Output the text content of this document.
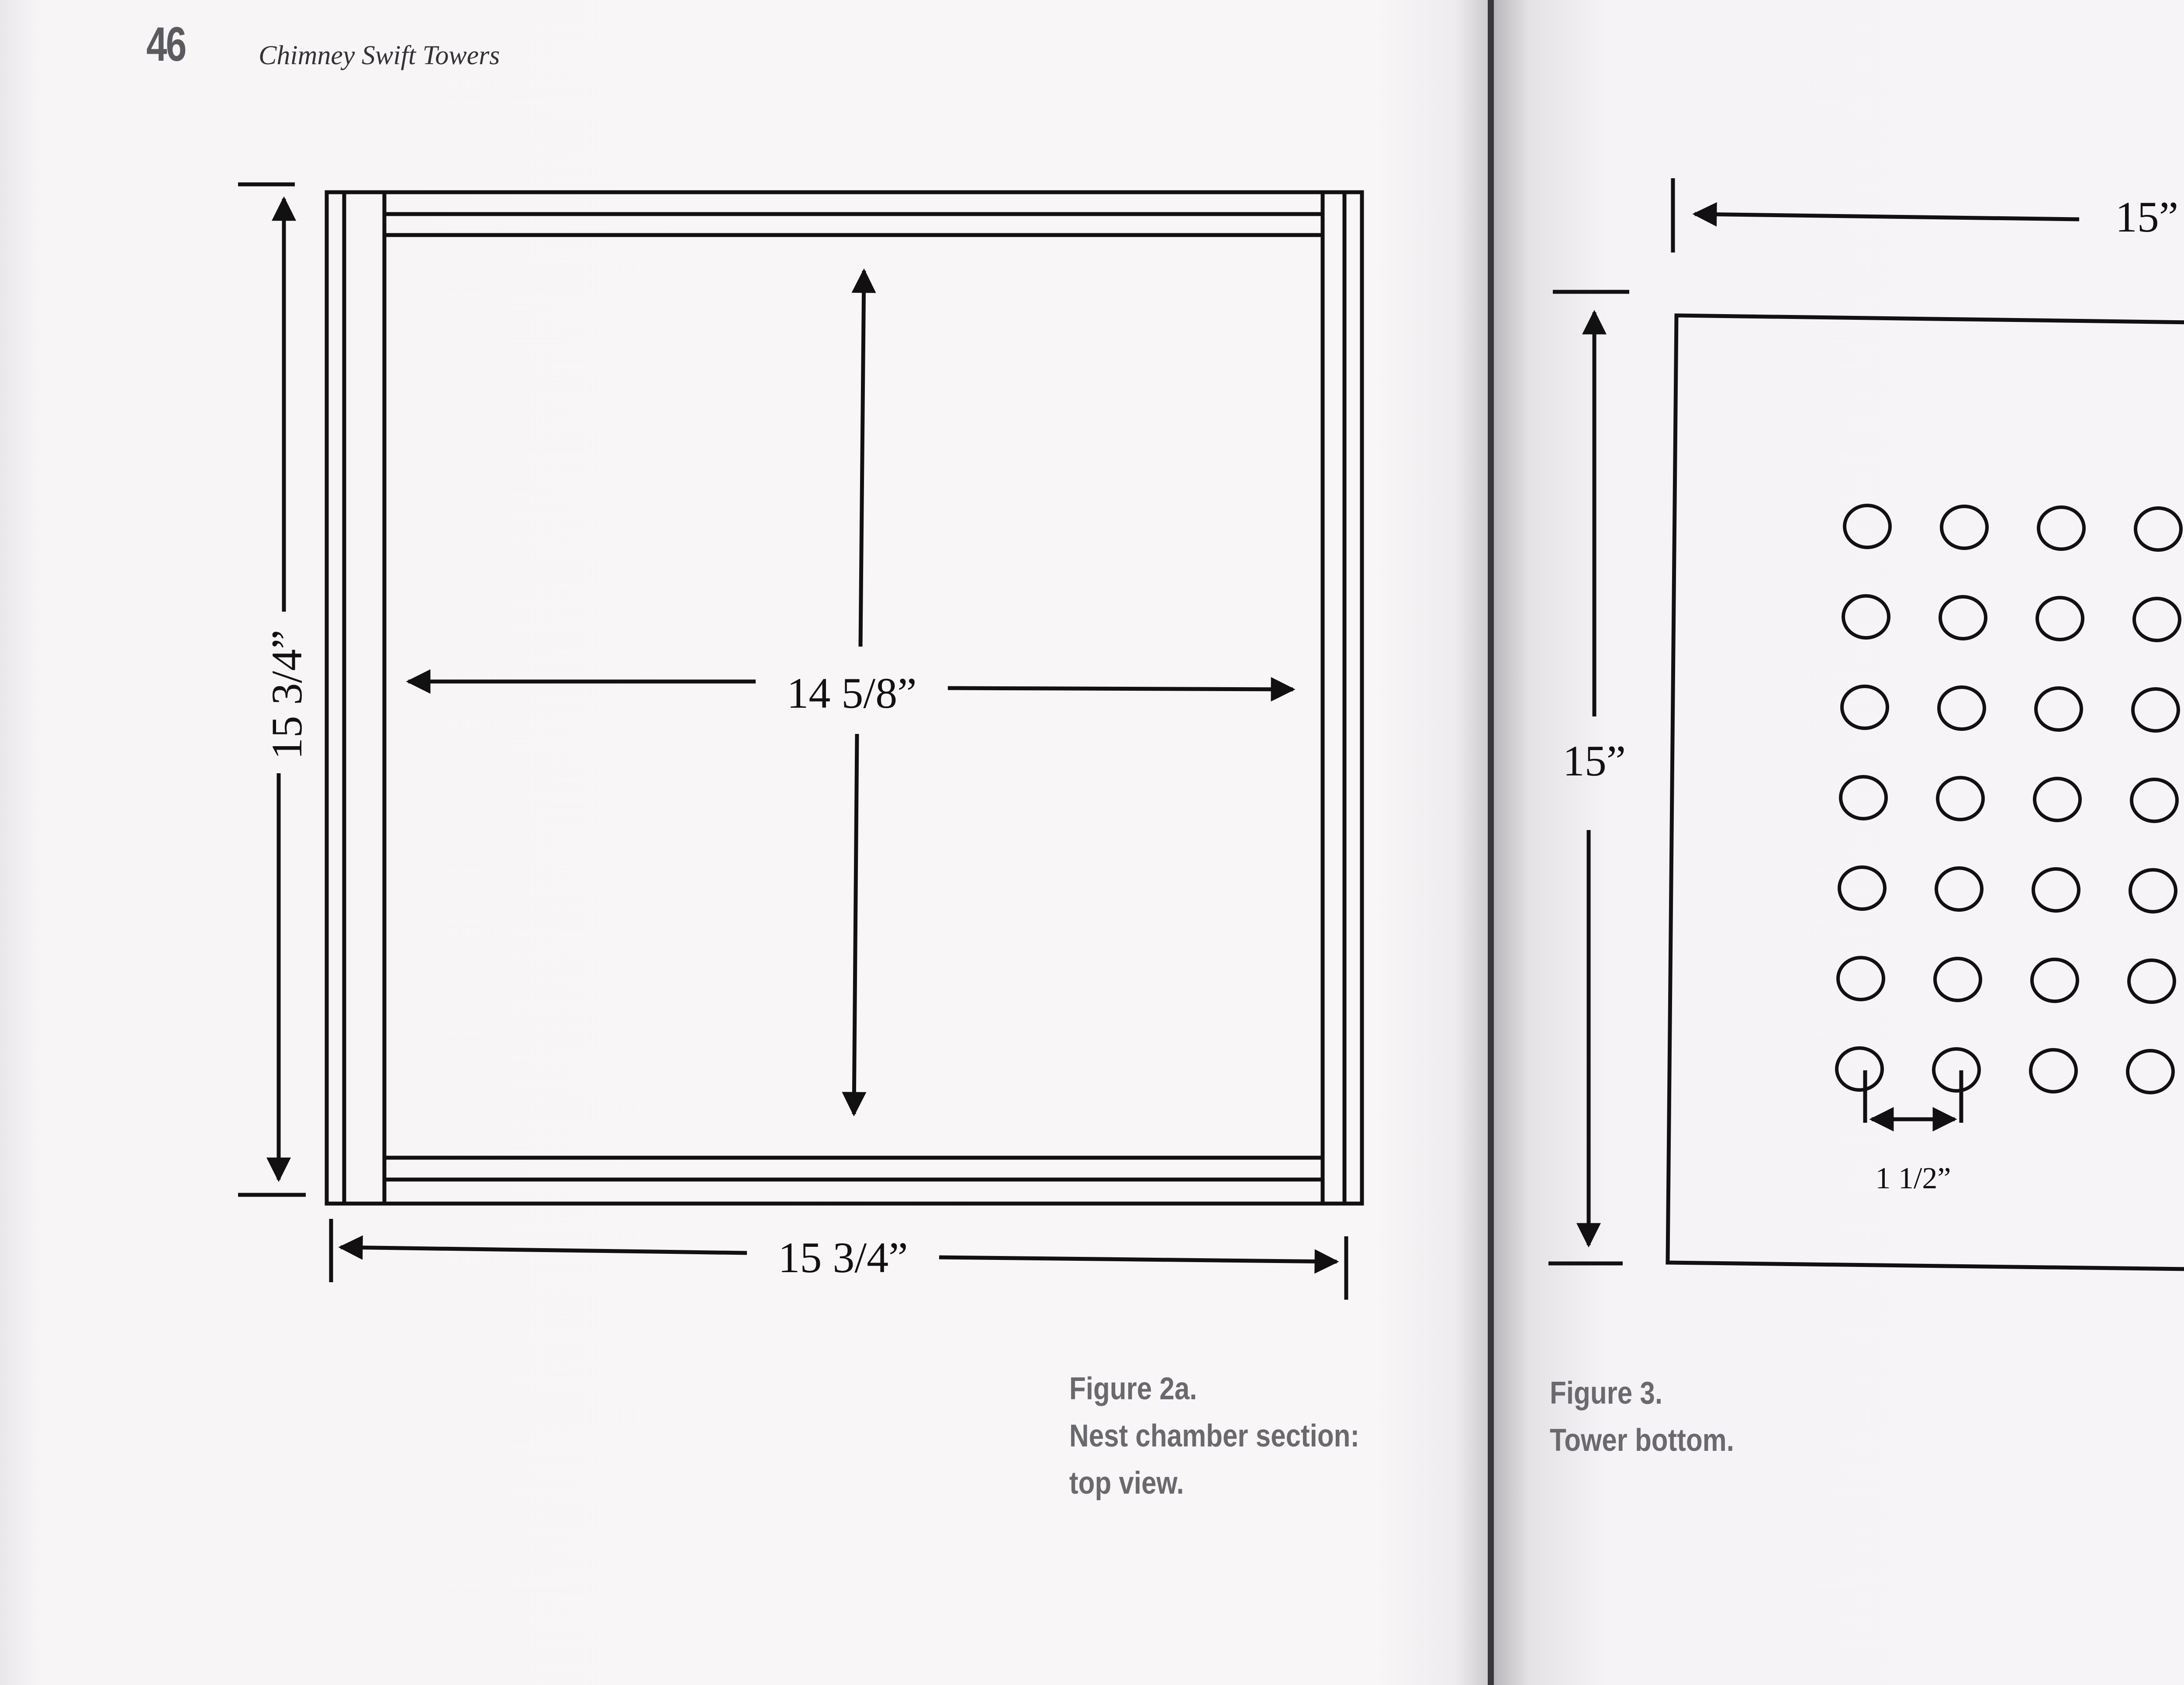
46	Chimney Swift Towers
15 3/4”
15 3/4”
14 5/8”
15”
15”
1 1/2”
Figure 2a.
Nest chamber section:
top view.
Figure 3.
Tower bottom.
